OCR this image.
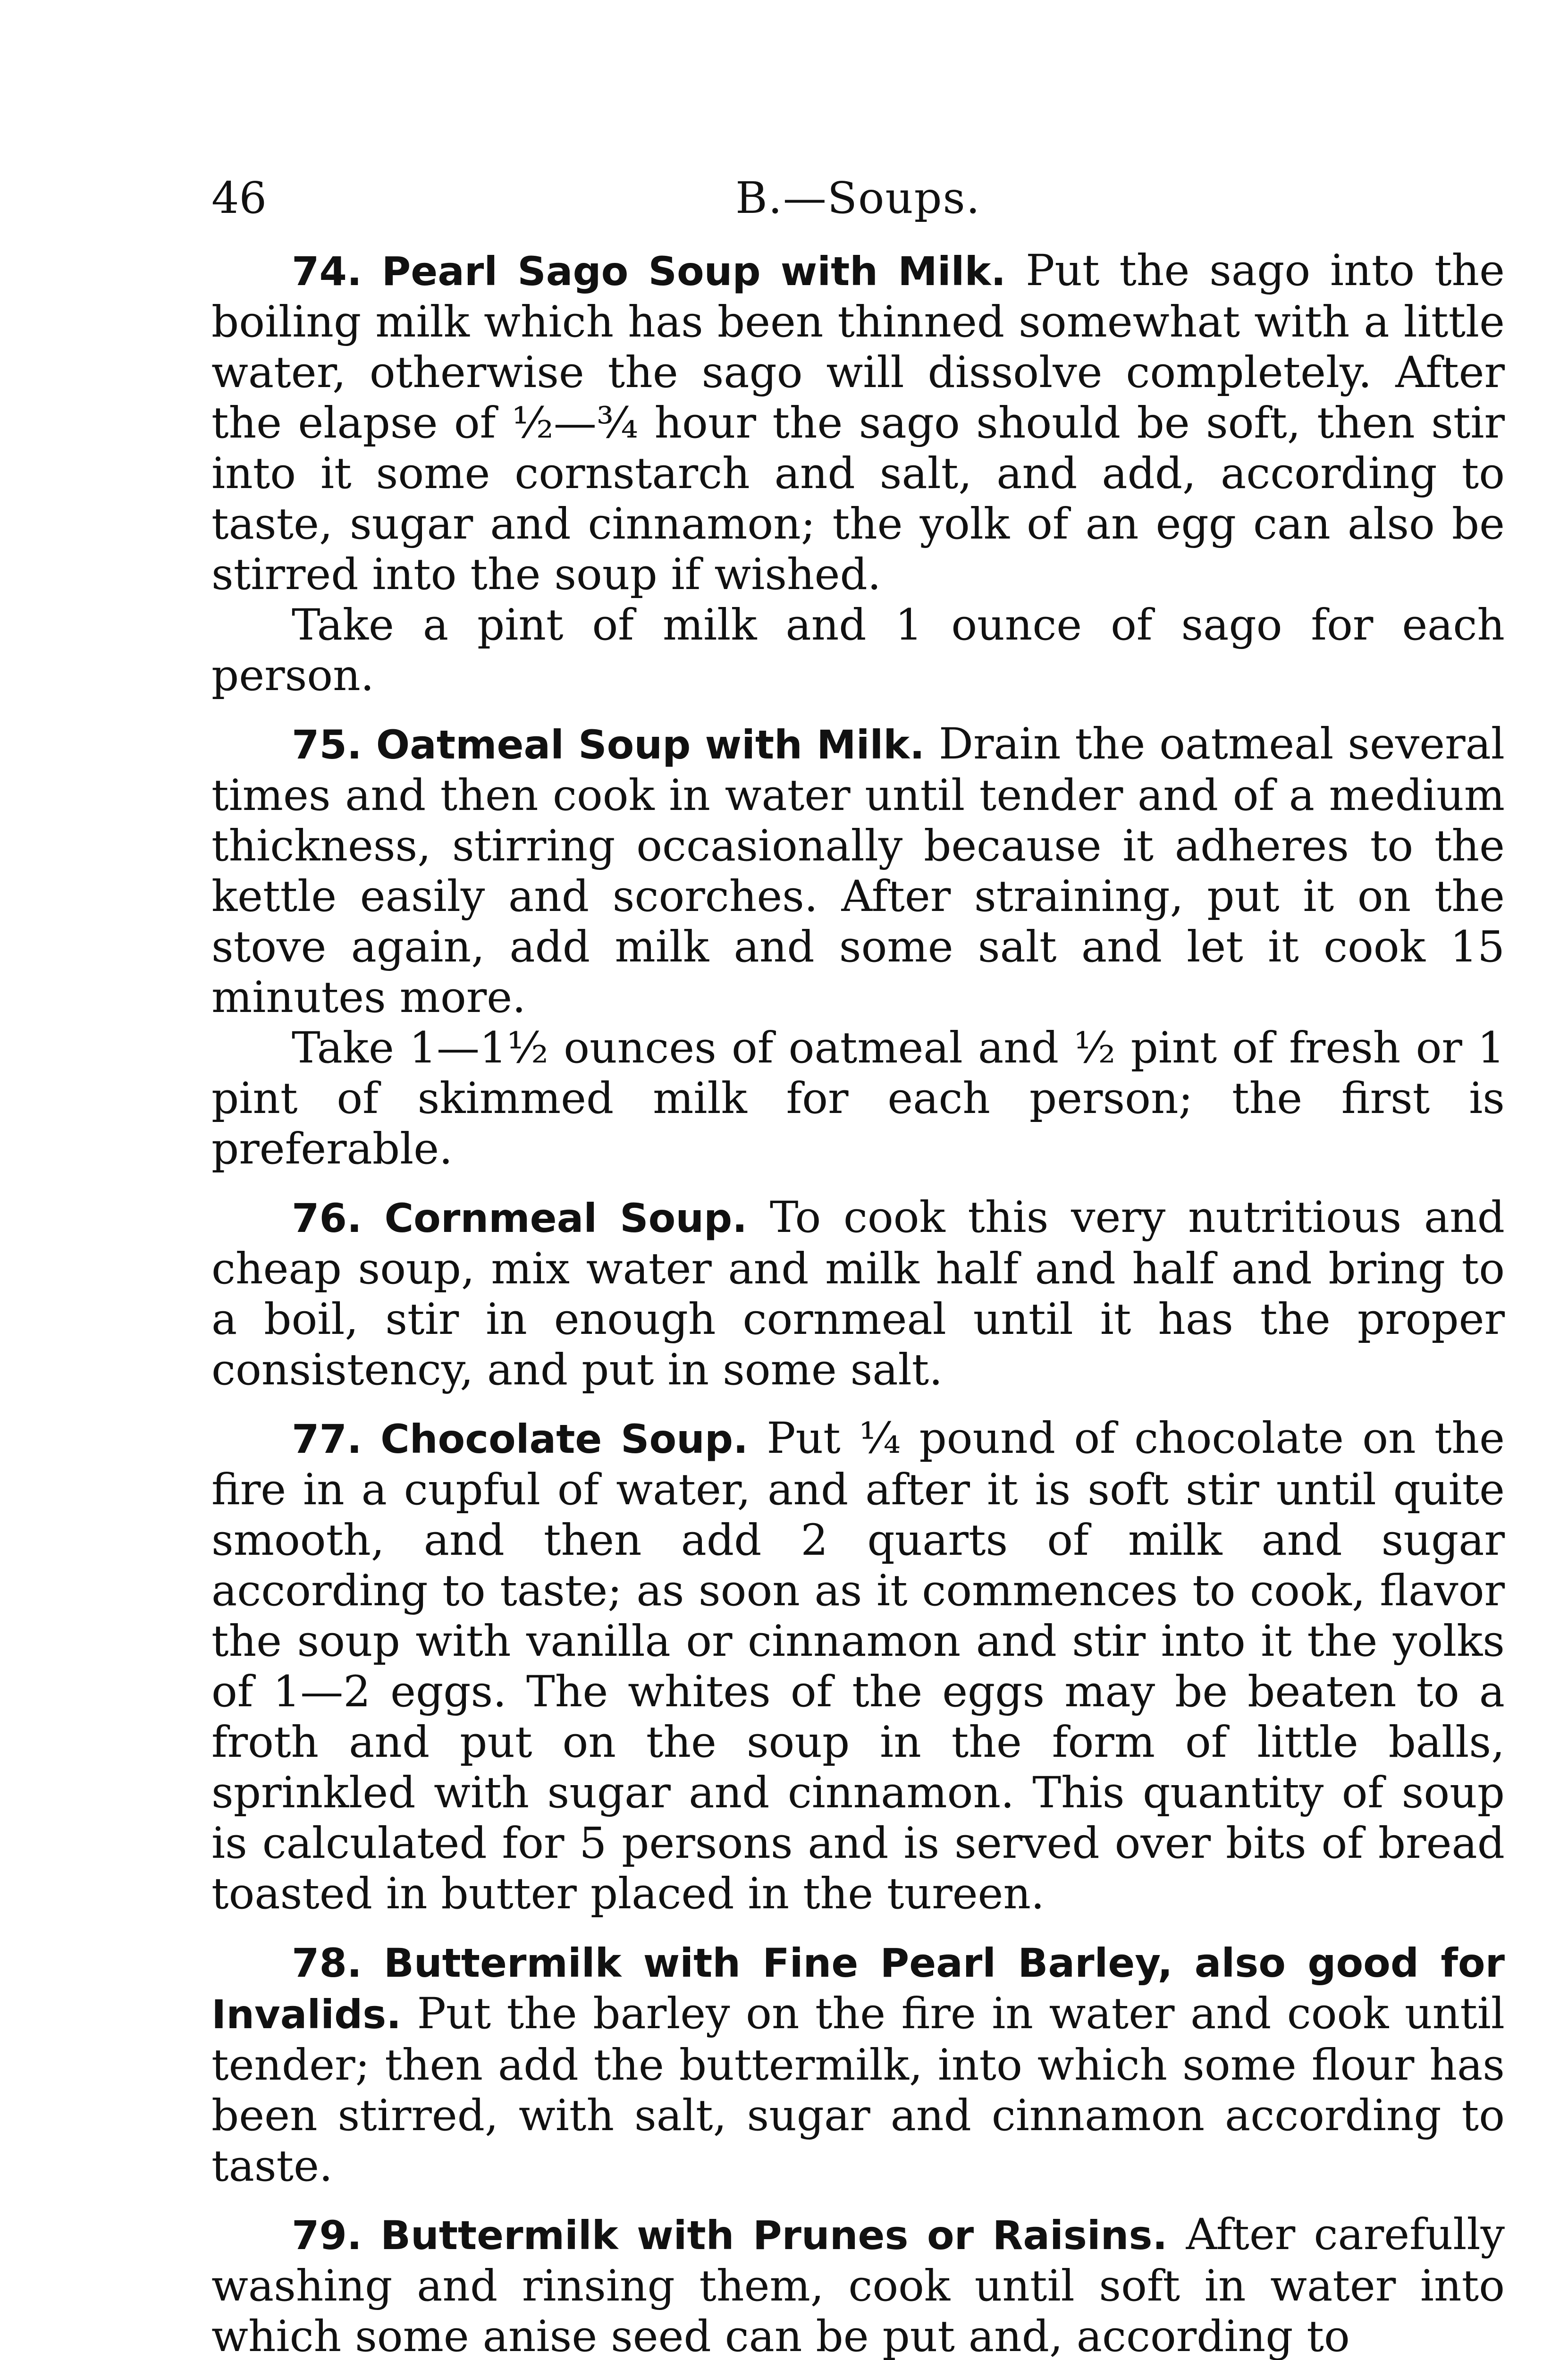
46	B.—Soups.

74. Pearl Sago Soup with Milk. Put the sago into the boiling milk which has been thinned somewhat with a little water, otherwise the sago will dissolve completely. After the elapse of ½—¾ hour the sago should be soft, then stir into it some cornstarch and salt, and add, according to taste, sugar and cinnamon; the yolk of an egg can also be stirred into the soup if wished.

Take a pint of milk and 1 ounce of sago for each person.

75. Oatmeal Soup with Milk. Drain the oatmeal several times and then cook in water until tender and of a medium thickness, stirring occasionally because it adheres to the kettle easily and scorches. After straining, put it on the stove again, add milk and some salt and let it cook 15 minutes more.

Take 1—1½ ounces of oatmeal and ½ pint of fresh or 1 pint of skimmed milk for each person; the first is preferable.

76. Cornmeal Soup. To cook this very nutritious and cheap soup, mix water and milk half and half and bring to a boil, stir in enough cornmeal until it has the proper consistency, and put in some salt.

77. Chocolate Soup. Put ¼ pound of chocolate on the fire in a cupful of water, and after it is soft stir until quite smooth, and then add 2 quarts of milk and sugar according to taste; as soon as it commences to cook, flavor the soup with vanilla or cinnamon and stir into it the yolks of 1—2 eggs. The whites of the eggs may be beaten to a froth and put on the soup in the form of little balls, sprinkled with sugar and cinnamon. This quantity of soup is calculated for 5 persons and is served over bits of bread toasted in butter placed in the tureen.

78. Buttermilk with Fine Pearl Barley, also good for Invalids. Put the barley on the fire in water and cook until tender; then add the buttermilk, into which some flour has been stirred, with salt, sugar and cinnamon according to taste.

79. Buttermilk with Prunes or Raisins. After carefully washing and rinsing them, cook until soft in water into which some anise seed can be put and, according to
